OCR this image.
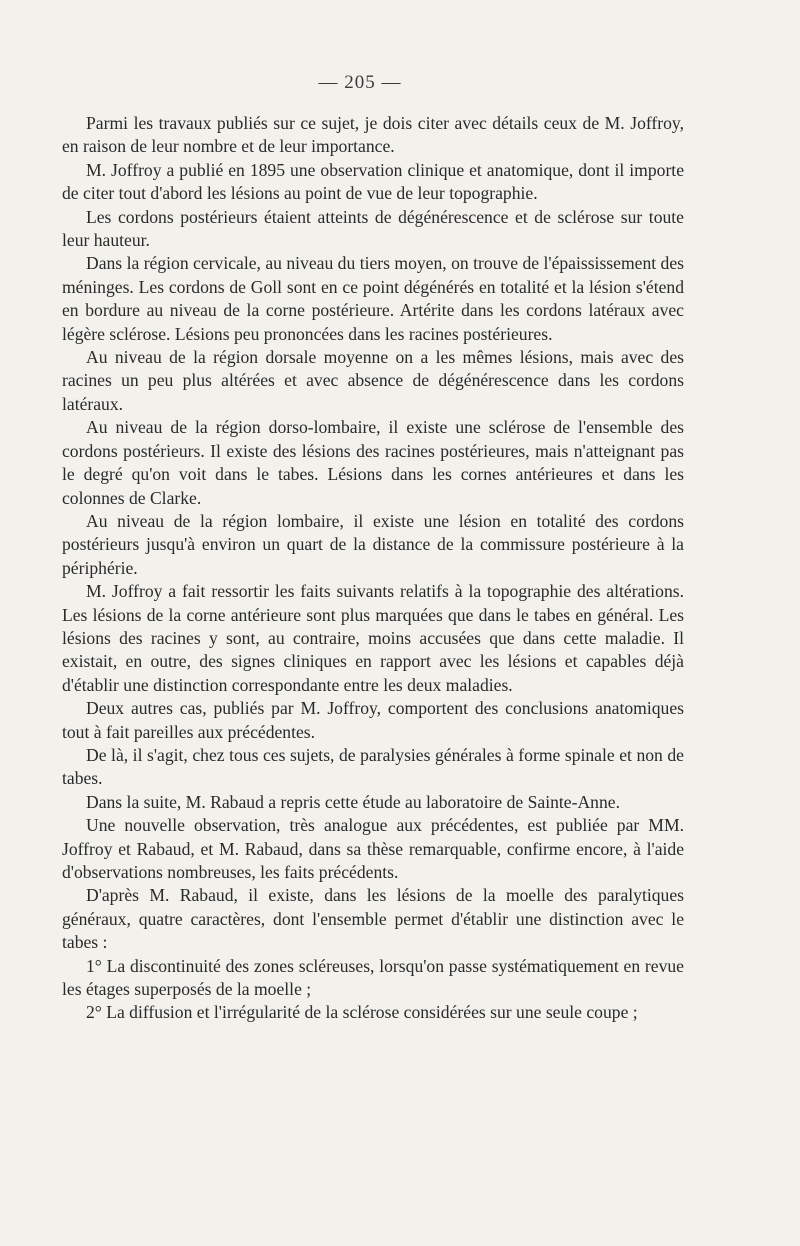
— 205 —

Parmi les travaux publiés sur ce sujet, je dois citer avec détails ceux de M. Joffroy, en raison de leur nombre et de leur importance.

M. Joffroy a publié en 1895 une observation clinique et anatomique, dont il importe de citer tout d'abord les lésions au point de vue de leur topographie.

Les cordons postérieurs étaient atteints de dégénérescence et de sclérose sur toute leur hauteur.

Dans la région cervicale, au niveau du tiers moyen, on trouve de l'épaississement des méninges. Les cordons de Goll sont en ce point dégénérés en totalité et la lésion s'étend en bordure au niveau de la corne postérieure. Artérite dans les cordons latéraux avec légère sclérose. Lésions peu prononcées dans les racines postérieures.

Au niveau de la région dorsale moyenne on a les mêmes lésions, mais avec des racines un peu plus altérées et avec absence de dégénérescence dans les cordons latéraux.

Au niveau de la région dorso-lombaire, il existe une sclérose de l'ensemble des cordons postérieurs. Il existe des lésions des racines postérieures, mais n'atteignant pas le degré qu'on voit dans le tabes. Lésions dans les cornes antérieures et dans les colonnes de Clarke.

Au niveau de la région lombaire, il existe une lésion en totalité des cordons postérieurs jusqu'à environ un quart de la distance de la commissure postérieure à la périphérie.

M. Joffroy a fait ressortir les faits suivants relatifs à la topographie des altérations. Les lésions de la corne antérieure sont plus marquées que dans le tabes en général. Les lésions des racines y sont, au contraire, moins accusées que dans cette maladie. Il existait, en outre, des signes cliniques en rapport avec les lésions et capables déjà d'établir une distinction correspondante entre les deux maladies.

Deux autres cas, publiés par M. Joffroy, comportent des conclusions anatomiques tout à fait pareilles aux précédentes.

De là, il s'agit, chez tous ces sujets, de paralysies générales à forme spinale et non de tabes.

Dans la suite, M. Rabaud a repris cette étude au laboratoire de Sainte-Anne.

Une nouvelle observation, très analogue aux précédentes, est publiée par MM. Joffroy et Rabaud, et M. Rabaud, dans sa thèse remarquable, confirme encore, à l'aide d'observations nombreuses, les faits précédents.

D'après M. Rabaud, il existe, dans les lésions de la moelle des paralytiques généraux, quatre caractères, dont l'ensemble permet d'établir une distinction avec le tabes :

1° La discontinuité des zones scléreuses, lorsqu'on passe systématiquement en revue les étages superposés de la moelle ;

2° La diffusion et l'irrégularité de la sclérose considérées sur une seule coupe ;
